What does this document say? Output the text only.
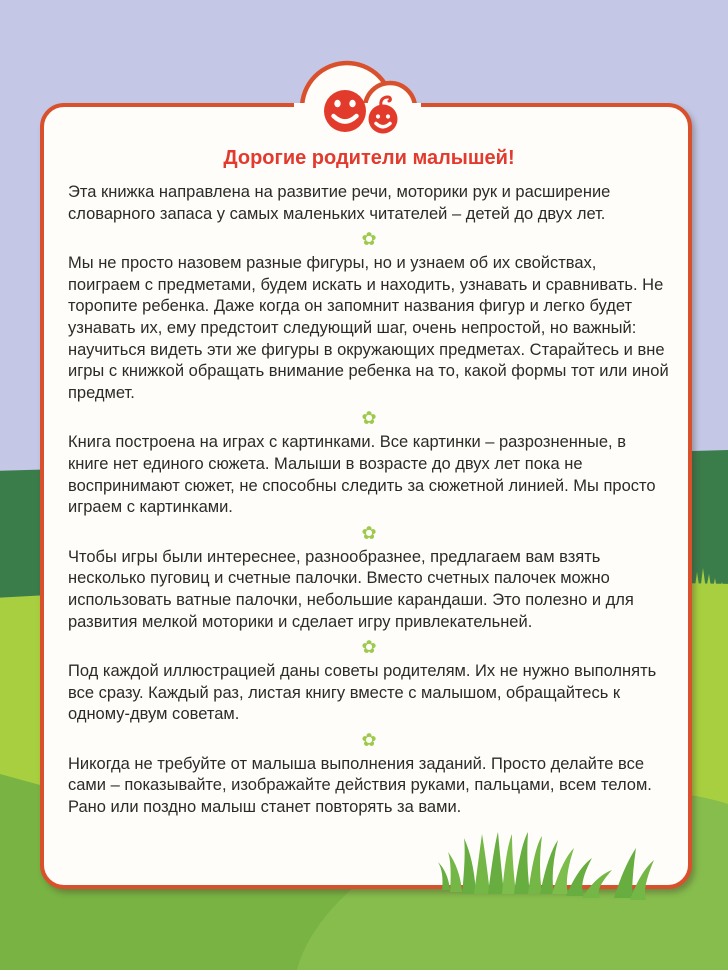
Дорогие родители малышей!

Эта книжка направлена на развитие речи, моторики рук и расширение словарного запаса у самых маленьких читателей – детей до двух лет.

✿

Мы не просто назовем разные фигуры, но и узнаем об их свойствах, поиграем с предметами, будем искать и находить, узнавать и сравнивать. Не торопите ребенка. Даже когда он запомнит названия фигур и легко будет узнавать их, ему предстоит следующий шаг, очень непростой, но важный: научиться видеть эти же фигуры в окружающих предметах. Старайтесь и вне игры с книжкой обращать внимание ребенка на то, какой формы тот или иной предмет.

✿

Книга построена на играх с картинками. Все картинки – разрозненные, в книге нет единого сюжета. Малыши в возрасте до двух лет пока не воспринимают сюжет, не способны следить за сюжетной линией. Мы просто играем с картинками.

✿

Чтобы игры были интереснее, разнообразнее, предлагаем вам взять несколько пуговиц и счетные палочки. Вместо счетных палочек можно использовать ватные палочки, небольшие карандаши. Это полезно и для развития мелкой моторики и сделает игру привлекательней.

✿

Под каждой иллюстрацией даны советы родителям. Их не нужно выполнять все сразу. Каждый раз, листая книгу вместе с малышом, обращайтесь к одному-двум советам.

✿

Никогда не требуйте от малыша выполнения заданий. Просто делайте все сами – показывайте, изображайте действия руками, пальцами, всем телом. Рано или поздно малыш станет повторять за вами.
